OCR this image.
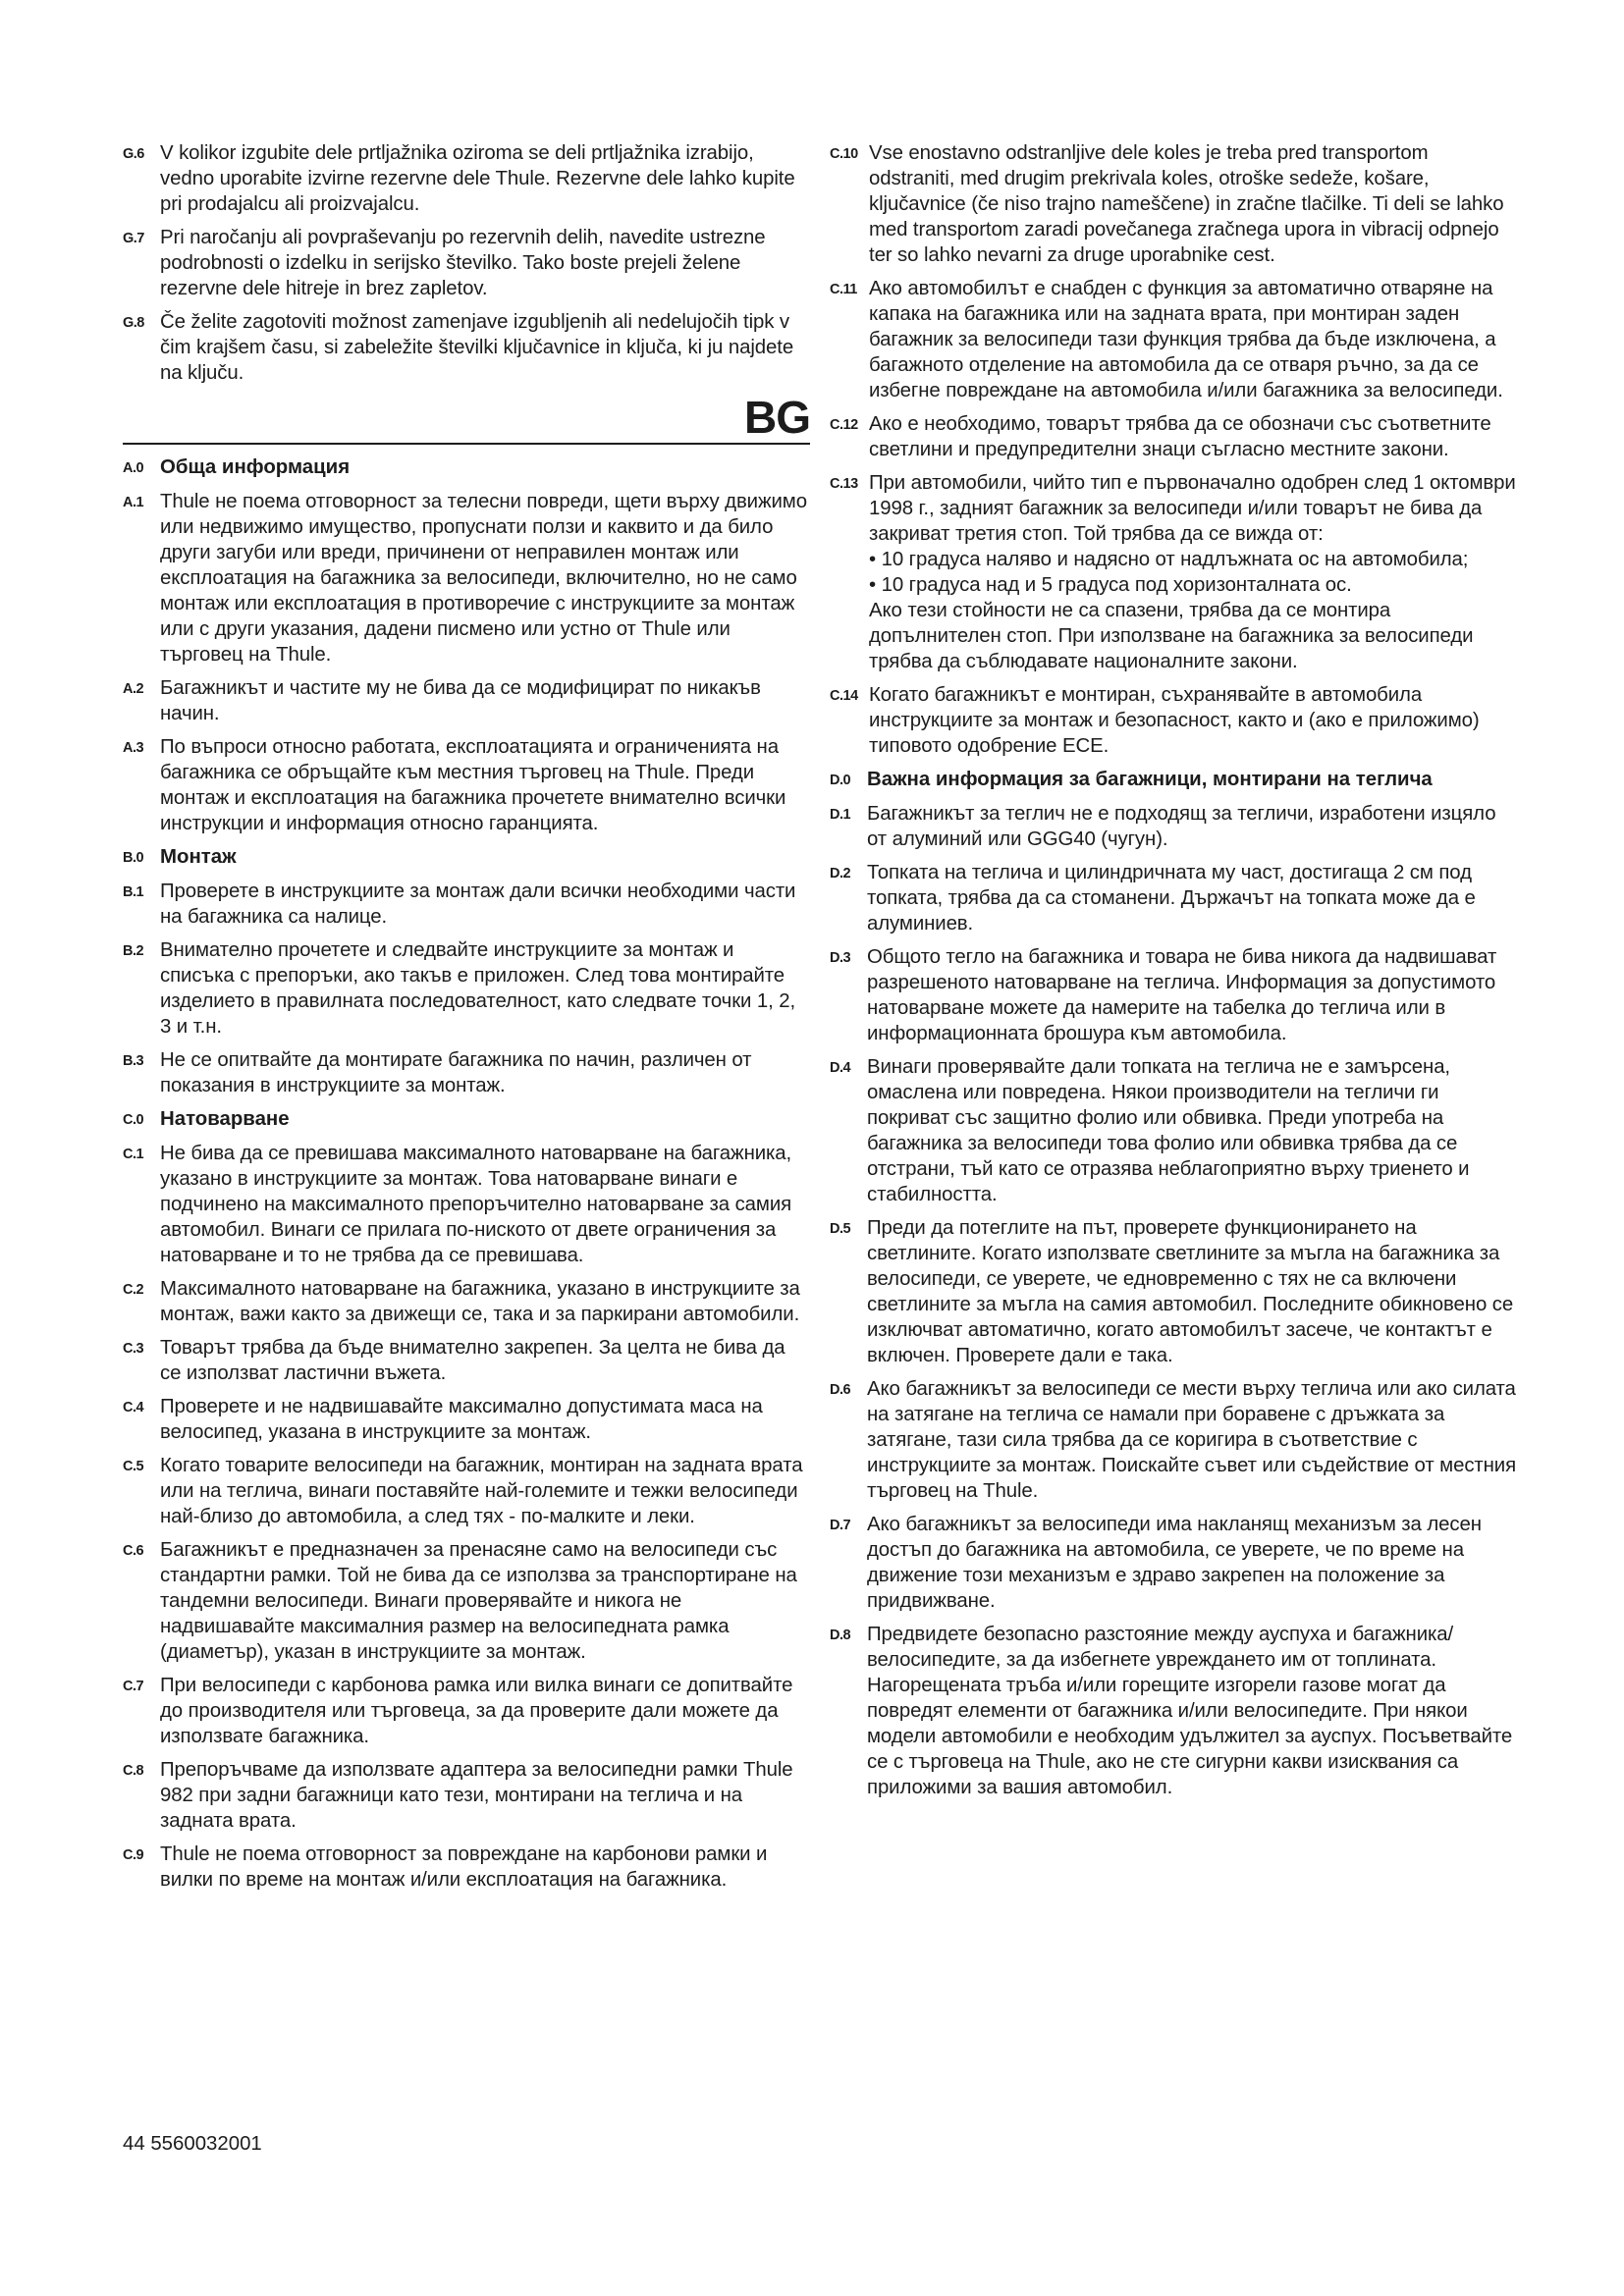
G.6 V kolikor izgubite dele prtljažnika oziroma se deli prtljažnika izrabijo, vedno uporabite izvirne rezervne dele Thule. Rezervne dele lahko kupite pri prodajalcu ali proizvajalcu.
G.7 Pri naročanju ali povpraševanju po rezervnih delih, navedite ustrezne podrobnosti o izdelku in serijsko številko. Tako boste prejeli želene rezervne dele hitreje in brez zapletov.
G.8 Če želite zagotoviti možnost zamenjave izgubljenih ali nedelujočih tipk v čim krajšem času, si zabeležite številki ključavnice in ključa, ki ju najdete na ključu.
BG
A.0 Обща информация
A.1 Thule не поема отговорност за телесни повреди, щети върху движимо или недвижимо имущество, пропуснати ползи и каквито и да било други загуби или вреди, причинени от неправилен монтаж или експлоатация на багажника за велосипеди, включително, но не само монтаж или експлоатация в противоречие с инструкциите за монтаж или с други указания, дадени писмено или устно от Thule или търговец на Thule.
A.2 Багажникът и частите му не бива да се модифицират по никакъв начин.
A.3 По въпроси относно работата, експлоатацията и ограниченията на багажника се обръщайте към местния търговец на Thule. Преди монтаж и експлоатация на багажника прочетете внимателно всички инструкции и информация относно гаранцията.
B.0 Монтаж
B.1 Проверете в инструкциите за монтаж дали всички необходими части на багажника са налице.
B.2 Внимателно прочетете и следвайте инструкциите за монтаж и списъка с препоръки, ако такъв е приложен. След това монтирайте изделието в правилната последователност, като следвате точки 1, 2, 3 и т.н.
B.3 Не се опитвайте да монтирате багажника по начин, различен от показания в инструкциите за монтаж.
C.0 Натоварване
C.1 Не бива да се превишава максималното натоварване на багажника, указано в инструкциите за монтаж. Това натоварване винаги е подчинено на максималното препоръчително натоварване за самия автомобил. Винаги се прилага по-ниското от двете ограничения за натоварване и то не трябва да се превишава.
C.2 Максималното натоварване на багажника, указано в инструкциите за монтаж, важи както за движещи се, така и за паркирани автомобили.
C.3 Товарът трябва да бъде внимателно закрепен. За целта не бива да се използват ластични въжета.
C.4 Проверете и не надвишавайте максимално допустимата маса на велосипед, указана в инструкциите за монтаж.
C.5 Когато товарите велосипеди на багажник, монтиран на задната врата или на теглича, винаги поставяйте най-големите и тежки велосипеди най-близо до автомобила, а след тях - по-малките и леки.
C.6 Багажникът е предназначен за пренасяне само на велосипеди със стандартни рамки. Той не бива да се използва за транспортиране на тандемни велосипеди. Винаги проверявайте и никога не надвишавайте максималния размер на велосипедната рамка (диаметър), указан в инструкциите за монтаж.
C.7 При велосипеди с карбонова рамка или вилка винаги се допитвайте до производителя или търговеца, за да проверите дали можете да използвате багажника.
C.8 Препоръчваме да използвате адаптера за велосипедни рамки Thule 982 при задни багажници като тези, монтирани на теглича и на задната врата.
C.9 Thule не поема отговорност за повреждане на карбонови рамки и вилки по време на монтаж и/или експлоатация на багажника.
C.10 Vse enostavno odstranljive dele koles je treba pred transportom odstraniti, med drugim prekrivala koles, otroške sedeže, košare, ključavnice (če niso trajno nameščene) in zračne tlačilke. Ti deli se lahko med transportom zaradi povečanega zračnega upora in vibracij odpnejo ter so lahko nevarni za druge uporabnike cest.
C.11 Ако автомобилът е снабден с функция за автоматично отваряне на капака на багажника или на задната врата, при монтиран заден багажник за велосипеди тази функция трябва да бъде изключена, а багажното отделение на автомобила да се отваря ръчно, за да се избегне повреждане на автомобила и/или багажника за велосипеди.
C.12 Ако е необходимо, товарът трябва да се обозначи със съответните светлини и предупредителни знаци съгласно местните закони.
C.13 При автомобили, чийто тип е първоначално одобрен след 1 октомври 1998 г., задният багажник за велосипеди и/или товарът не бива да закриват третия стоп. Той трябва да се вижда от:
• 10 градуса наляво и надясно от надлъжната ос на автомобила;
• 10 градуса над и 5 градуса под хоризонталната ос.
Ако тези стойности не са спазени, трябва да се монтира допълнителен стоп. При използване на багажника за велосипеди трябва да съблюдавате националните закони.
C.14 Когато багажникът е монтиран, съхранявайте в автомобила инструкциите за монтаж и безопасност, както и (ако е приложимо) типовото одобрение ЕСЕ.
D.0 Важна информация за багажници, монтирани на теглича
D.1 Багажникът за теглич не е подходящ за тегличи, изработени изцяло от алуминий или GGG40 (чугун).
D.2 Топката на теглича и цилиндричната му част, достигаща 2 см под топката, трябва да са стоманени. Държачът на топката може да е алуминиев.
D.3 Общото тегло на багажника и товара не бива никога да надвишават разрешеното натоварване на теглича. Информация за допустимото натоварване можете да намерите на табелка до теглича или в информационната брошура към автомобила.
D.4 Винаги проверявайте дали топката на теглича не е замърсена, омаслена или повредена. Някои производители на тегличи ги покриват със защитно фолио или обвивка. Преди употреба на багажника за велосипеди това фолио или обвивка трябва да се отстрани, тъй като се отразява неблагоприятно върху триенето и стабилността.
D.5 Преди да потеглите на път, проверете функционирането на светлините. Когато използвате светлините за мъгла на багажника за велосипеди, се уверете, че едновременно с тях не са включени светлините за мъгла на самия автомобил. Последните обикновено се изключват автоматично, когато автомобилът засече, че контактът е включен. Проверете дали е така.
D.6 Ако багажникът за велосипеди се мести върху теглича или ако силата на затягане на теглича се намали при боравене с дръжката за затягане, тази сила трябва да се коригира в съответствие с инструкциите за монтаж. Поискайте съвет или съдействие от местния търговец на Thule.
D.7 Ако багажникът за велосипеди има накланящ механизъм за лесен достъп до багажника на автомобила, се уверете, че по време на движение този механизъм е здраво закрепен на положение за придвижване.
D.8 Предвидете безопасно разстояние между ауспуха и багажника/велосипедите, за да избегнете увреждането им от топлината. Нагорещената тръба и/или горещите изгорели газове могат да повредят елементи от багажника и/или велосипедите. При някои модели автомобили е необходим удължител за ауспух. Посъветвайте се с търговеца на Thule, ако не сте сигурни какви изисквания са приложими за вашия автомобил.
44 5560032001
